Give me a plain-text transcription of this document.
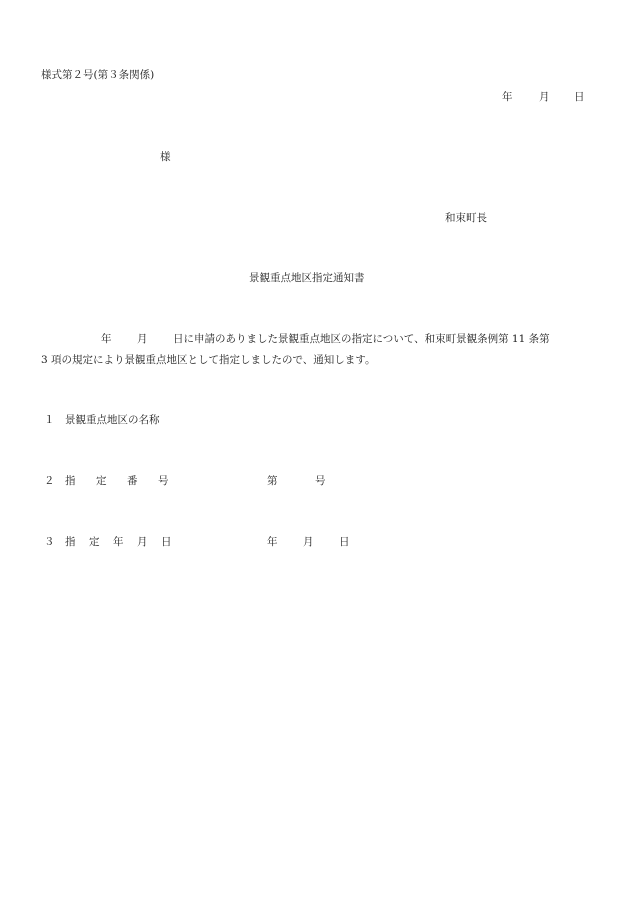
様式第２号(第３条関係)
年	月 日
様
和束町長
景観重点地区指定通知書
年 月 日に申請のありました景観重点地区の指定について、和束町景観条例第 11 条第
3 項の規定により景観重点地区として指定しましたので、通知します。
１ 景観重点地区の名称
２ 指 定 番 号	第	号
３ 指 定 年 月 日	年 月 日
